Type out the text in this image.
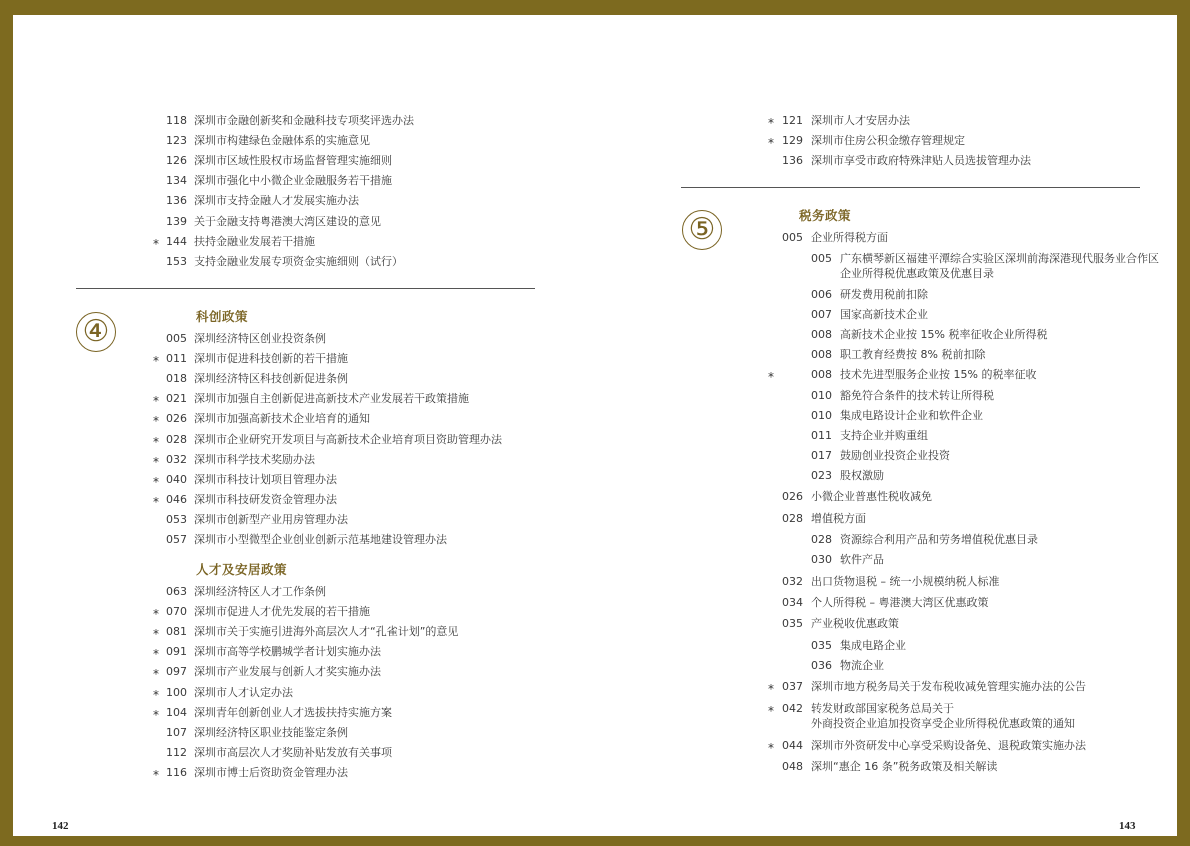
118 深圳市金融创新奖和金融科技专项奖评选办法
123 深圳市构建绿色金融体系的实施意见
126 深圳市区域性股权市场监督管理实施细则
134 深圳市强化中小微企业金融服务若干措施
136 深圳市支持金融人才发展实施办法
139 关于金融支持粤港澳大湾区建设的意见
* 144 扶持金融业发展若干措施
153 支持金融业发展专项资金实施细则（试行）
④	科创政策
005 深圳经济特区创业投资条例
* 011 深圳市促进科技创新的若干措施
018 深圳经济特区科技创新促进条例
* 021 深圳市加强自主创新促进高新技术产业发展若干政策措施
* 026 深圳市加强高新技术企业培育的通知
* 028 深圳市企业研究开发项目与高新技术企业培育项目资助管理办法
* 032 深圳市科学技术奖励办法
* 040 深圳市科技计划项目管理办法
* 046 深圳市科技研发资金管理办法
053 深圳市创新型产业用房管理办法
057 深圳市小型微型企业创业创新示范基地建设管理办法
人才及安居政策
063 深圳经济特区人才工作条例
* 070 深圳市促进人才优先发展的若干措施
* 081 深圳市关于实施引进海外高层次人才“孔雀计划”的意见
* 091 深圳市高等学校鹏城学者计划实施办法
* 097 深圳市产业发展与创新人才奖实施办法
* 100 深圳市人才认定办法
* 104 深圳青年创新创业人才选拔扶持实施方案
107 深圳经济特区职业技能鉴定条例
112 深圳市高层次人才奖励补贴发放有关事项
* 116 深圳市博士后资助资金管理办法
142
* 121 深圳市人才安居办法
* 129 深圳市住房公积金缴存管理规定
136 深圳市享受市政府特殊津贴人员选拔管理办法
⑤	税务政策
005 企业所得税方面
005 广东横琴新区福建平潭综合实验区深圳前海深港现代服务业合作区
企业所得税优惠政策及优惠目录
006 研发费用税前扣除
007 国家高新技术企业
008 高新技术企业按 15% 税率征收企业所得税
008 职工教育经费按 8% 税前扣除
*	008 技术先进型服务企业按 15% 的税率征收
010 豁免符合条件的技术转让所得税
010 集成电路设计企业和软件企业
011 支持企业并购重组
017 鼓励创业投资企业投资
023 股权激励
026 小微企业普惠性税收减免
028 增值税方面
028 资源综合利用产品和劳务增值税优惠目录
030 软件产品
032 出口货物退税 – 统一小规模纳税人标准
034 个人所得税 – 粤港澳大湾区优惠政策
035 产业税收优惠政策
035 集成电路企业
036 物流企业
* 037 深圳市地方税务局关于发布税收减免管理实施办法的公告
* 042 转发财政部国家税务总局关于
外商投资企业追加投资享受企业所得税优惠政策的通知
* 044 深圳市外资研发中心享受采购设备免、退税政策实施办法
048 深圳“惠企 16 条”税务政策及相关解读
143
